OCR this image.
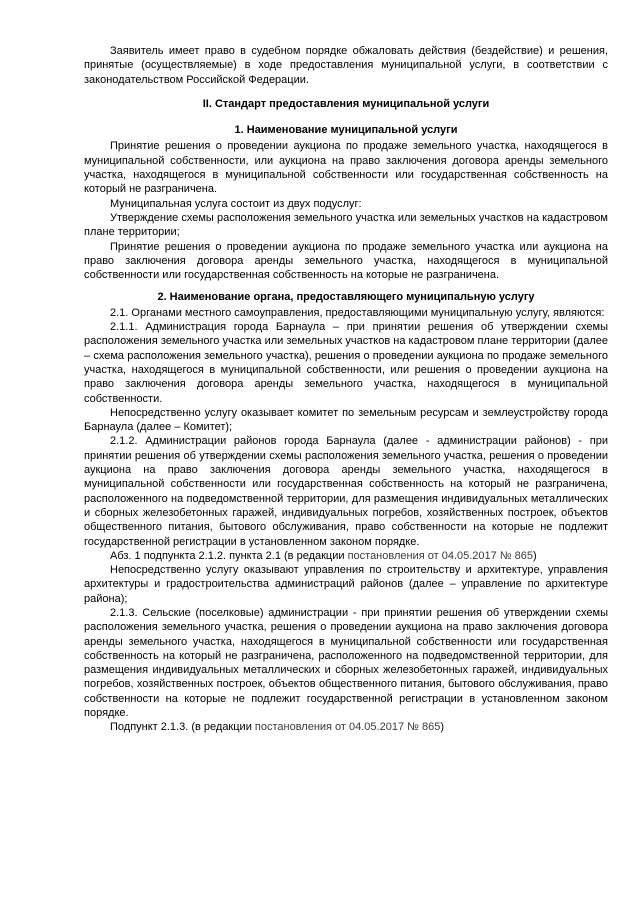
Заявитель имеет право в судебном порядке обжаловать действия (бездействие) и решения, принятые (осуществляемые) в ходе предоставления муниципальной услуги, в соответствии с законодательством Российской Федерации.

II. Стандарт предоставления муниципальной услуги

1. Наименование муниципальной услуги

Принятие решения о проведении аукциона по продаже земельного участка, находящегося в муниципальной собственности, или аукциона на право заключения договора аренды земельного участка, находящегося в муниципальной собственности или государственная собственность на который не разграничена.

Муниципальная услуга состоит из двух подуслуг:

Утверждение схемы расположения земельного участка или земельных участков на кадастровом плане территории;

Принятие решения о проведении аукциона по продаже земельного участка или аукциона на право заключения договора аренды земельного участка, находящегося в муниципальной собственности или государственная собственность на которые не разграничена.

2. Наименование органа, предоставляющего муниципальную услугу

2.1. Органами местного самоуправления, предоставляющими муниципальную услугу, являются:

2.1.1. Администрация города Барнаула – при принятии решения об утверждении схемы расположения земельного участка или земельных участков на кадастровом плане территории (далее – схема расположения земельного участка), решения о проведении аукциона по продаже земельного участка, находящегося в муниципальной собственности, или решения о проведении аукциона на право заключения договора аренды земельного участка, находящегося в муниципальной собственности.

Непосредственно услугу оказывает комитет по земельным ресурсам и землеустройству города Барнаула (далее – Комитет);

2.1.2. Администрации районов города Барнаула (далее - администрации районов) - при принятии решения об утверждении схемы расположения земельного участка, решения о проведении аукциона на право заключения договора аренды земельного участка, находящегося в муниципальной собственности или государственная собственность на который не разграничена, расположенного на подведомственной территории, для размещения индивидуальных металлических и сборных железобетонных гаражей, индивидуальных погребов, хозяйственных построек, объектов общественного питания, бытового обслуживания, право собственности на которые не подлежит государственной регистрации в установленном законом порядке.

Абз. 1 подпункта 2.1.2. пункта 2.1 (в редакции постановления от 04.05.2017 № 865)

Непосредственно услугу оказывают управления по строительству и архитектуре, управления архитектуры и градостроительства администраций районов (далее – управление по архитектуре района);

2.1.3. Сельские (поселковые) администрации - при принятии решения об утверждении схемы расположения земельного участка, решения о проведении аукциона на право заключения договора аренды земельного участка, находящегося в муниципальной собственности или государственная собственность на который не разграничена, расположенного на подведомственной территории, для размещения индивидуальных металлических и сборных железобетонных гаражей, индивидуальных погребов, хозяйственных построек, объектов общественного питания, бытового обслуживания, право собственности на которые не подлежит государственной регистрации в установленном законом порядке.

Подпункт 2.1.3. (в редакции постановления от 04.05.2017 № 865)
